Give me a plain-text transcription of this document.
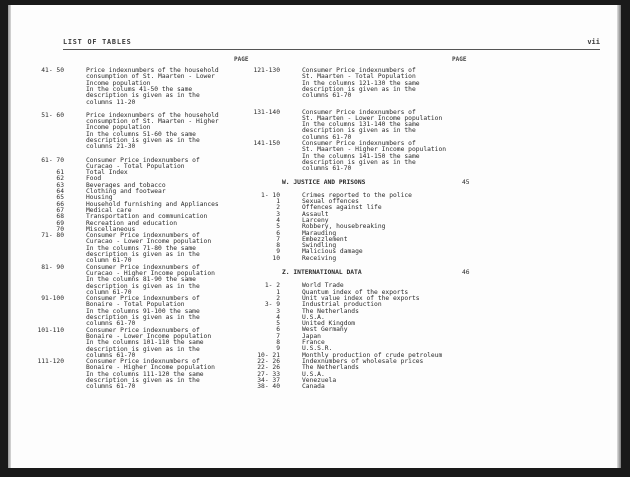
LIST OF TABLES	vii
PAGE	PAGE
41- 50	Price indexnumbers of the household
consumption of St. Maarten - Lower
Income population
In the colums 41-50 the same
description is given as in the
columns 11-20
51- 60	Price indexnumbers of the household
consumption of St. Maarten - Higher
Income population
In the columns 51-60 the same
description is given as in the
columns 21-30
61- 70	Consumer Price indexnumbers of
Curacao - Total Population
61	Total Index
62	Food
63	Beverages and tobacco
64	Clothing and footwear
65	Housing
66	Household furnishing and Appliances
67	Medical care
68	Transportation and communication
69	Recreation and education
70	Miscellaneous
71- 80	Consumer Price indexnumbers of
Curacao - Lower Income population
In the columns 71-80 the same
description is given as in the
column 61-70
81- 90	Consumer Price indexnumbers of
Curacao - Higher Income population
In the columns 81-90 the same
description is given as in the
column 61-70
91-100	Consumer Price indexnumbers of
Bonaire - Total Population
In the columns 91-100 the same
description is given as in the
columns 61-70
101-110	Consumer Price indexnumbers of
Bonaire - Lower Income population
In the columns 101-110 the same
description is given as in the
columns 61-70
111-120	Consumer Price indexnumbers of
Bonaire - Higher Income population
In the columns 111-120 the same
description is given as in the
columns 61-70
121-130	Consumer Price indexnumbers of
St. Maarten - Total Population
In the columns 121-130 the same
description is given as in the
columns 61-70
131-140	Consumer Price indexnumbers of
St. Maarten - Lower Income population
In the columns 131-140 the same
description is given as in the
columns 61-70
141-150	Consumer Price indexnumbers of
St. Maarten - Higher Income population
In the columns 141-150 the same
description is given as in the
columns 61-70
W. JUSTICE AND PRISONS	45
1- 10	Crimes reported to the police
1	Sexual offences
2	Offences against life
3	Assault
4	Larceny
5	Robbery, housebreaking
6	Marauding
7	Embezzlement
8	Swindling
9	Malicious damage
10	Receiving
Z. INTERNATIONAL DATA	46
1- 2	World Trade
1	Quantum index of the exports
2	Unit value index of the exports
3- 9	Industrial production
3	The Netherlands
4	U.S.A.
5	United Kingdom
6	West Germany
7	Japan
8	France
9	U.S.S.R.
10- 21	Monthly production of crude petroleum
22- 26	Indexnumbers of wholesale prices
22- 26	The Netherlands
27- 33	U.S.A.
34- 37	Venezuela
38- 40	Canada
